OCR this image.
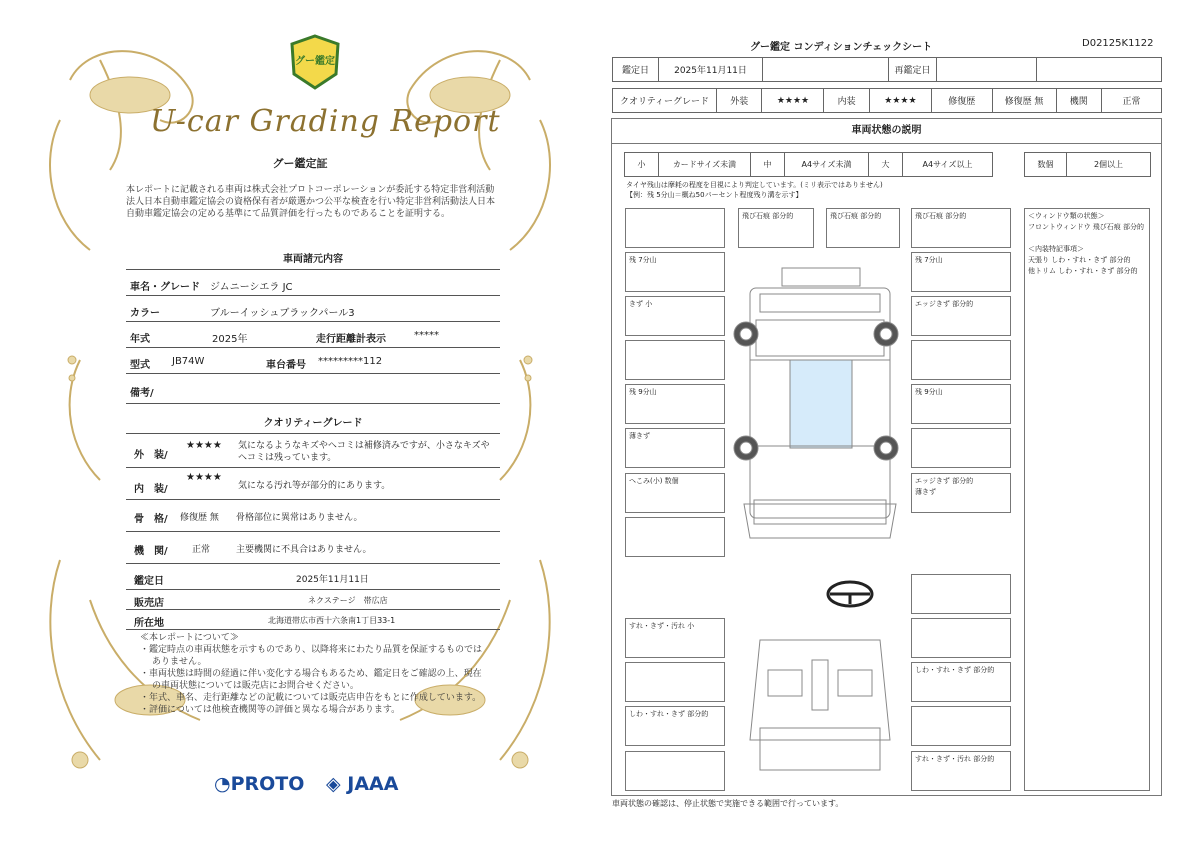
グー鑑定
U-car Grading Report
グー鑑定証
本レポートに記載される車両は株式会社プロトコーポレーションが委託する特定非営利活動法人日本自動車鑑定協会の資格保有者が厳選かつ公平な検査を行い特定非営利活動法人日本自動車鑑定協会の定める基準にて品質評価を行ったものであることを証明する。
車両諸元内容
車名・グレード ジムニーシエラ JC
カラー	ブルーイッシュブラックパール3
年式	2025年	走行距離計表示	*****
型式 JB74W	車台番号 *********112
備考/
クオリティーグレード
外　装/
★★★★ 気になるようなキズやヘコミは補修済みですが、小さなキズやヘコミは残っています。
内　装/
★★★★
気になる汚れ等が部分的にあります。
骨　格/ 修復歴 無 骨格部位に異常はありません。
機　関/	正常	主要機関に不具合はありません。
鑑定日	2025年11月11日
販売店	ネクステージ　帯広店
所在地	北海道帯広市西十六条南1丁目33-1
≪本レポートについて≫
・鑑定時点の車両状態を示すものであり、以降将来にわたり品質を保証するものではありません。
・車両状態は時間の経過に伴い変化する場合もあるため、鑑定日をご確認の上、現在の車両状態については販売店にお問合せください。
・年式、車名、走行距離などの記載については販売店申告をもとに作成しています。
・評価については他検査機関等の評価と異なる場合があります。
◔PROTO ◈ JAAA
グー鑑定 コンディションチェックシート	D02125K1122
鑑定日	2025年11月11日		再鑑定日		
クオリティーグレード	外装	★★★★	内装	★★★★	修復歴	修復歴 無	機関	正常
車両状態の説明
小	カードサイズ未満	中	A4サイズ未満	大	A4サイズ以上	数個	2個以上
タイヤ残山は摩耗の程度を目視により判定しています。(ミリ表示ではありません)
【例：残 5分山＝概ね50パーセント程度残り溝を示す】
残 7分山
きず 小
残 9分山
薄きず
へこみ(小) 数個
飛び石痕 部分的	飛び石痕 部分的	飛び石痕 部分的
残 7分山
エッジきず 部分的
残 9分山
エッジきず 部分的
薄きず
すれ・きず・汚れ 小
しわ・すれ・きず 部分的
しわ・すれ・きず 部分的
すれ・きず・汚れ 部分的
＜ウィンドウ類の状態＞
フロントウィンドウ 飛び石痕 部分的

＜内装特記事項＞
天張り しわ・すれ・きず 部分的
他トリム しわ・すれ・きず 部分的
車両状態の確認は、停止状態で実施できる範囲で行っています。
